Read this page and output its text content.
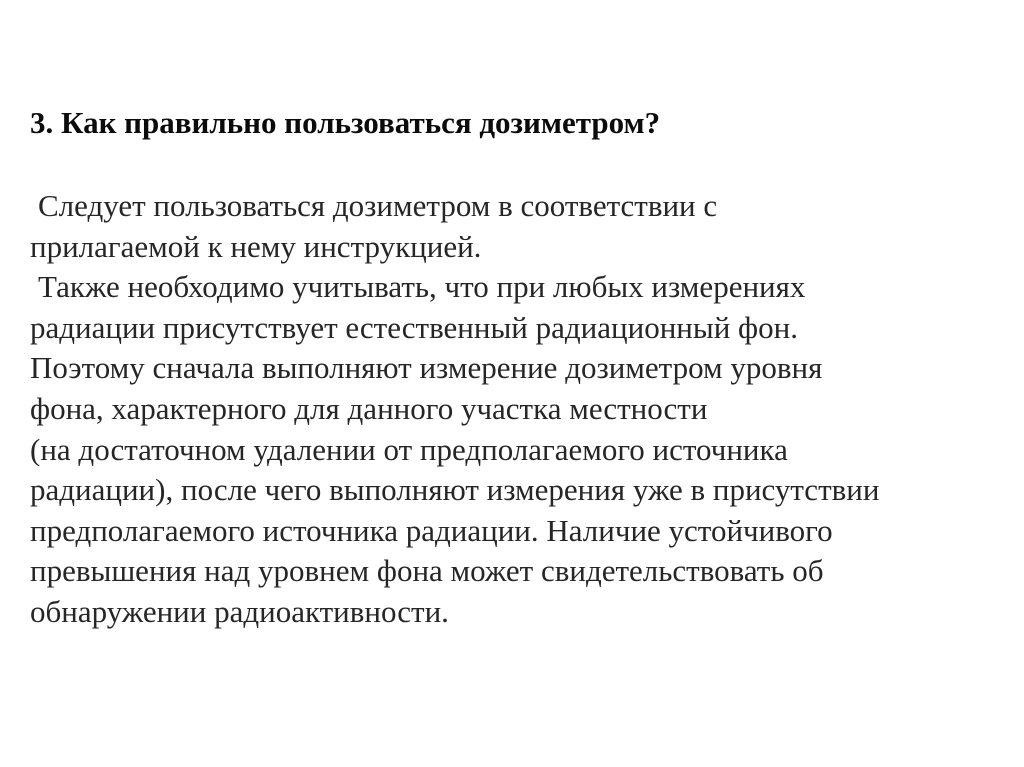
3. Как правильно пользоваться дозиметром?
Следует пользоваться дозиметром в соответствии с
прилагаемой к нему инструкцией.
Также необходимо учитывать, что при любых измерениях
радиации присутствует естественный радиационный фон.
Поэтому сначала выполняют измерение дозиметром уровня
фона, характерного для данного участка местности
(на достаточном удалении от предполагаемого источника
радиации), после чего выполняют измерения уже в присутствии
предполагаемого источника радиации. Наличие устойчивого
превышения над уровнем фона может свидетельствовать об
обнаружении радиоактивности.
